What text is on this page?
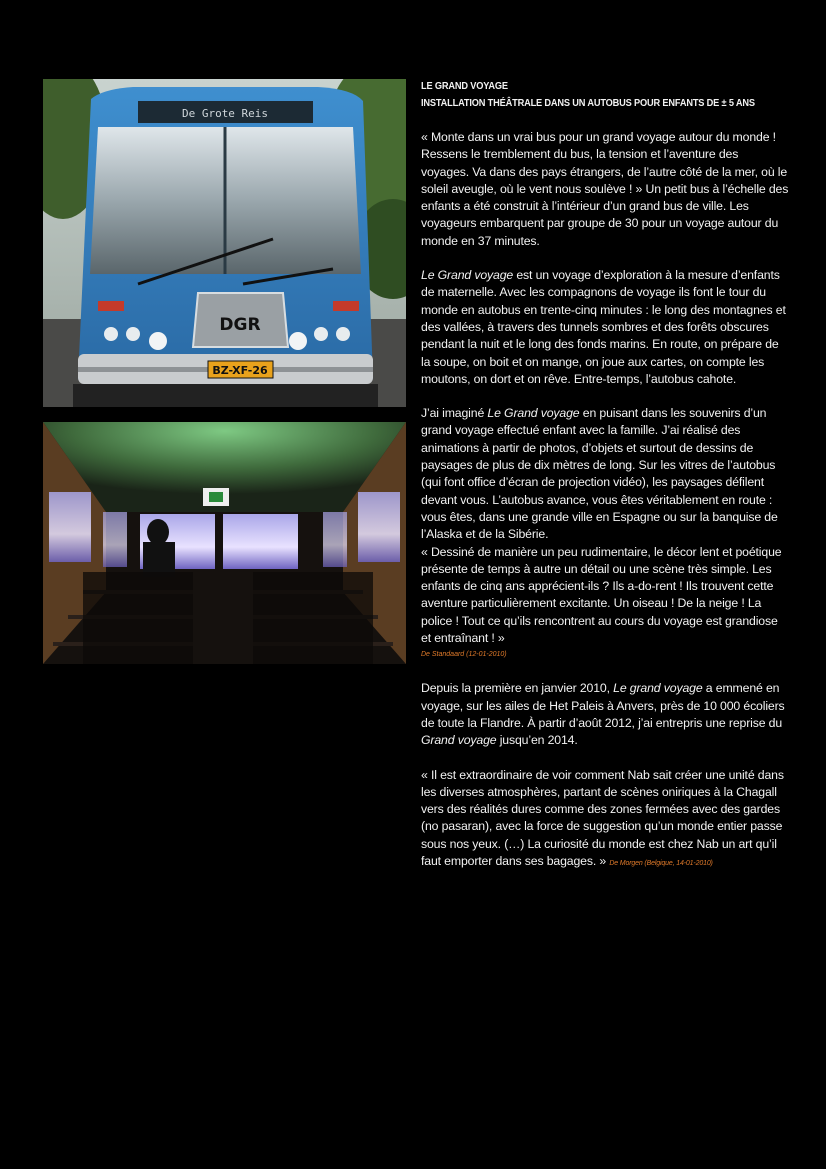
De Grote Reis
DGR
BZ-XF-26
LE GRAND VOYAGE
INSTALLATION THÉÂTRALE DANS UN AUTOBUS POUR ENFANTS DE ± 5 ANS

« Monte dans un vrai bus pour un grand voyage autour du monde ! Ressens le tremblement du bus, la tension et l’aventure des voyages. Va dans des pays étrangers, de l’autre côté de la mer, où le soleil aveugle, où le vent nous soulève ! » Un petit bus à l’échelle des enfants a été construit à l’intérieur d’un grand bus de ville. Les voyageurs embarquent par groupe de 30 pour un voyage autour du monde en 37 minutes.

Le Grand voyage est un voyage d’exploration à la mesure d’enfants de maternelle. Avec les compagnons de voyage ils font le tour du monde en autobus en trente-cinq minutes : le long des montagnes et des vallées, à travers des tunnels sombres et des forêts obscures pendant la nuit et le long des fonds marins. En route, on prépare de la soupe, on boit et on mange, on joue aux cartes, on compte les moutons, on dort et on rêve. Entre-temps, l’autobus cahote.

J’ai imaginé Le Grand voyage en puisant dans les souvenirs d’un grand voyage effectué enfant avec la famille. J’ai réalisé des animations à partir de photos, d’objets et surtout de dessins de paysages de plus de dix mètres de long. Sur les vitres de l’autobus (qui font office d’écran de projection vidéo), les paysages défilent devant vous. L’autobus avance, vous êtes véritablement en route : vous êtes, dans une grande ville en Espagne ou sur la banquise de l’Alaska et de la Sibérie.

« Dessiné de manière un peu rudimentaire, le décor lent et poétique présente de temps à autre un détail ou une scène très simple. Les enfants de cinq ans apprécient-ils ? Ils a-do-rent ! Ils trouvent cette aventure particulièrement excitante. Un oiseau ! De la neige ! La police ! Tout ce qu’ils rencontrent au cours du voyage est grandiose et entraînant ! »

De Standaard (12-01-2010)

Depuis la première en janvier 2010, Le grand voyage a emmené en voyage, sur les ailes de Het Paleis à Anvers, près de 10 000 écoliers de toute la Flandre. À partir d’août 2012, j’ai entrepris une reprise du Grand voyage jusqu’en 2014.

« Il est extraordinaire de voir comment Nab sait créer une unité dans les diverses atmosphères, partant de scènes oniriques à la Chagall vers des réalités dures comme des zones fermées avec des gardes (no pasaran), avec la force de suggestion qu’un monde entier passe sous nos yeux. (…) La curiosité du monde est chez Nab un art qu’il faut emporter dans ses bagages. » De Morgen (Belgique, 14-01-2010)
